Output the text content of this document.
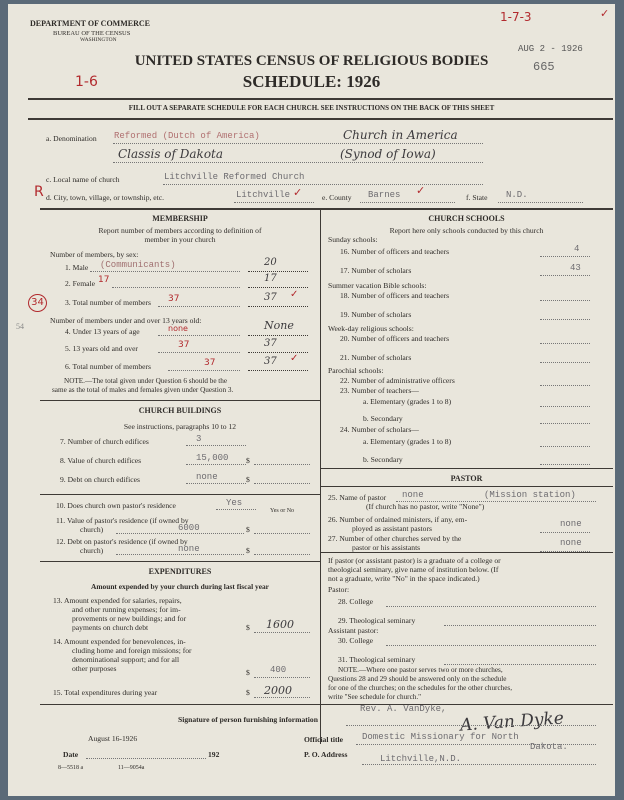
DEPARTMENT OF COMMERCE
BUREAU OF THE CENSUS
WASHINGTON
UNITED STATES CENSUS OF RELIGIOUS BODIES
SCHEDULE: 1926
1-6
1-7-3	✓
AUG 2 - 1926
665
FILL OUT A SEPARATE SCHEDULE FOR EACH CHURCH. SEE INSTRUCTIONS ON THE BACK OF THIS SHEET
a. Denomination Reformed (Dutch of America)	Church in America
Classis of Dakota	(Synod of Iowa)
c. Local name of church	Litchville Reformed Church
R d. City, town, village, or township, etc.	Litchville ✓	e. County Barnes ✓
f. State N.D.
MEMBERSHIP
Report number of members according to definition of
member in your church
Number of members, by sex:
1. Male (Communicants)	20
2. Female 17	17
34	3. Total number of members 37	37 ✓
Number of members under and over 13 years old:
54
4. Under 13 years of age	none	None
5. 13 years old and over	37	37
6. Total number of members	37	37 ✓
NOTE.—The total given under Question 6 should be the
same as the total of males and females given under Question 3.
CHURCH BUILDINGS
See instructions, paragraphs 10 to 12
7. Number of church edifices	3
8. Value of church edifices	15,000 $
9. Debt on church edifices	none	$
10. Does church own pastor's residence	Yes
Yes or No
11. Value of pastor's residence (if owned by
church)	6000	$
12. Debt on pastor's residence (if owned by
church)	none	$
EXPENDITURES
Amount expended by your church during last fiscal year
13. Amount expended for salaries, repairs,
and other running expenses; for im-
provements or new buildings; and for
payments on church debt	$ 1600
14. Amount expended for benevolences, in-
cluding home and foreign missions; for
denominational support; and for all
other purposes	$ 400
15. Total expenditures during year	$ 2000
CHURCH SCHOOLS
Report here only schools conducted by this church
Sunday schools:
16. Number of officers and teachers	4
17. Number of scholars	43
Summer vacation Bible schools:
18. Number of officers and teachers
19. Number of scholars
Week-day religious schools:
20. Number of officers and teachers
21. Number of scholars
Parochial schools:
22. Number of administrative officers
23. Number of teachers—
a. Elementary (grades 1 to 8)
b. Secondary
24. Number of scholars—
a. Elementary (grades 1 to 8)
b. Secondary
PASTOR
25. Name of pastor none	(Mission station)
(If church has no pastor, write "None")
26. Number of ordained ministers, if any, em-
ployed as assistant pastors	none
27. Number of other churches served by the
pastor or his assistants	none
If pastor (or assistant pastor) is a graduate of a college or
theological seminary, give name of institution below. (If
not a graduate, write "No" in the space indicated.)
Pastor:
28. College
29. Theological seminary
Assistant pastor:
30. College
31. Theological seminary
NOTE.—Where one pastor serves two or more churches,
Questions 28 and 29 should be answered only on the schedule
for one of the churches; on the schedules for the other churches,
write "See schedule for church."
Signature of person furnishing information
Rev. A. VanDyke, A. Van Dyke
August 16-1926	Official title Domestic Missionary for North
Dakota.
Date	192	P. O. Address	Litchville,N.D.
8—5518 a	11—9054a
